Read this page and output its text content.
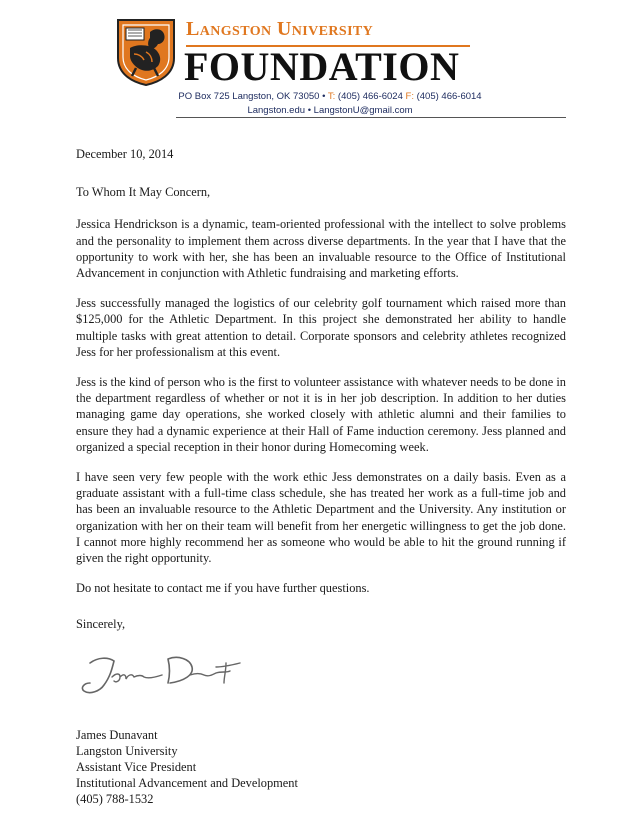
Langston University
FOUNDATION
PO Box 725 Langston, OK 73050 • T: (405) 466-6024 F: (405) 466-6014
Langston.edu • LangstonU@gmail.com

December 10, 2014

To Whom It May Concern,

Jessica Hendrickson is a dynamic, team-oriented professional with the intellect to solve problems and the personality to implement them across diverse departments. In the year that I have that the opportunity to work with her, she has been an invaluable resource to the Office of Institutional Advancement in conjunction with Athletic fundraising and marketing efforts.

Jess successfully managed the logistics of our celebrity golf tournament which raised more than $125,000 for the Athletic Department. In this project she demonstrated her ability to handle multiple tasks with great attention to detail. Corporate sponsors and celebrity athletes recognized Jess for her professionalism at this event.

Jess is the kind of person who is the first to volunteer assistance with whatever needs to be done in the department regardless of whether or not it is in her job description. In addition to her duties managing game day operations, she worked closely with athletic alumni and their families to ensure they had a dynamic experience at their Hall of Fame induction ceremony. Jess planned and organized a special reception in their honor during Homecoming week.

I have seen very few people with the work ethic Jess demonstrates on a daily basis. Even as a graduate assistant with a full-time class schedule, she has treated her work as a full-time job and has been an invaluable resource to the Athletic Department and the University. Any institution or organization with her on their team will benefit from her energetic willingness to get the job done. I cannot more highly recommend her as someone who would be able to hit the ground running if given the right opportunity.

Do not hesitate to contact me if you have further questions.

Sincerely,

James Dunavant
Langston University
Assistant Vice President
Institutional Advancement and Development
(405) 788-1532
